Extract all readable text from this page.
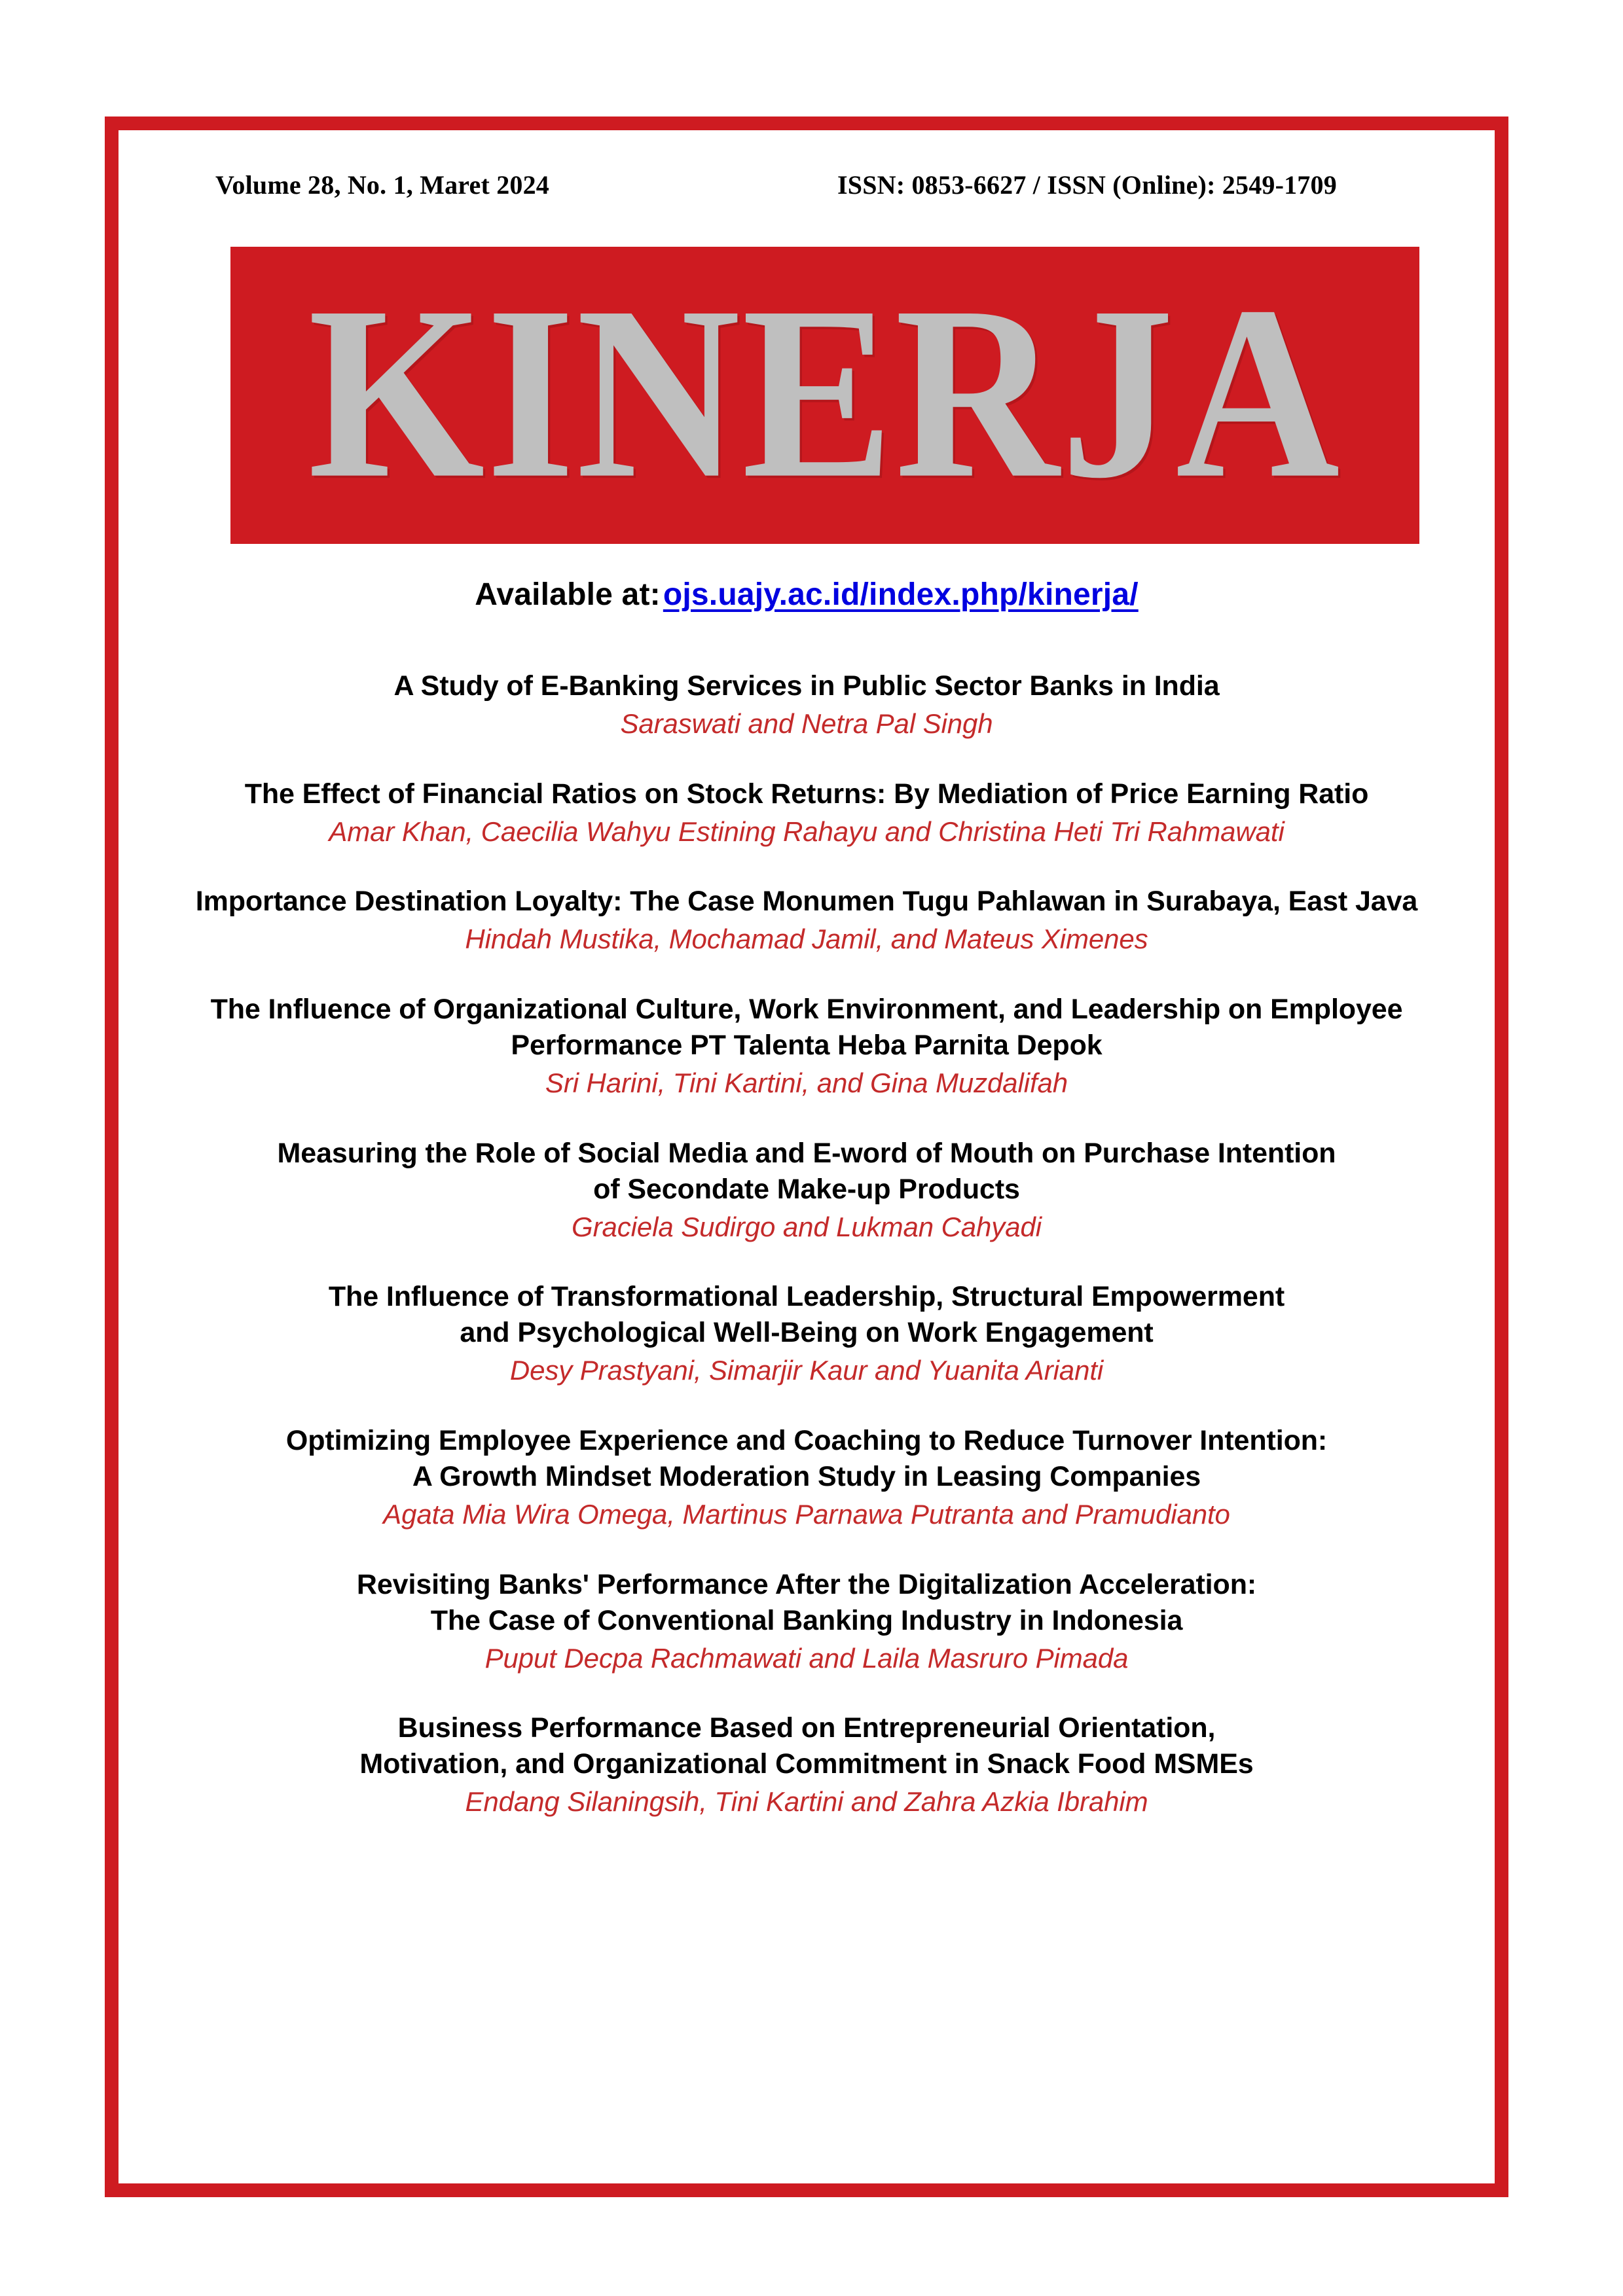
Volume 28, No. 1, Maret 2024	ISSN: 0853-6627 / ISSN (Online): 2549-1709
KINERJA
Available at:ojs.uajy.ac.id/index.php/kinerja/
A Study of E-Banking Services in Public Sector Banks in India
Saraswati and Netra Pal Singh
The Effect of Financial Ratios on Stock Returns: By Mediation of Price Earning Ratio
Amar Khan, Caecilia Wahyu Estining Rahayu and Christina Heti Tri Rahmawati
Importance Destination Loyalty: The Case Monumen Tugu Pahlawan in Surabaya, East Java
Hindah Mustika, Mochamad Jamil, and Mateus Ximenes
The Influence of Organizational Culture, Work Environment, and Leadership on Employee
Performance PT Talenta Heba Parnita Depok
Sri Harini, Tini Kartini, and Gina Muzdalifah
Measuring the Role of Social Media and E-word of Mouth on Purchase Intention
of Secondate Make-up Products
Graciela Sudirgo and Lukman Cahyadi
The Influence of Transformational Leadership, Structural Empowerment
and Psychological Well-Being on Work Engagement
Desy Prastyani, Simarjir Kaur and Yuanita Arianti
Optimizing Employee Experience and Coaching to Reduce Turnover Intention:
A Growth Mindset Moderation Study in Leasing Companies
Agata Mia Wira Omega, Martinus Parnawa Putranta and Pramudianto
Revisiting Banks' Performance After the Digitalization Acceleration:
The Case of Conventional Banking Industry in Indonesia
Puput Decpa Rachmawati and Laila Masruro Pimada
Business Performance Based on Entrepreneurial Orientation,
Motivation, and Organizational Commitment in Snack Food MSMEs
Endang Silaningsih, Tini Kartini and Zahra Azkia Ibrahim
